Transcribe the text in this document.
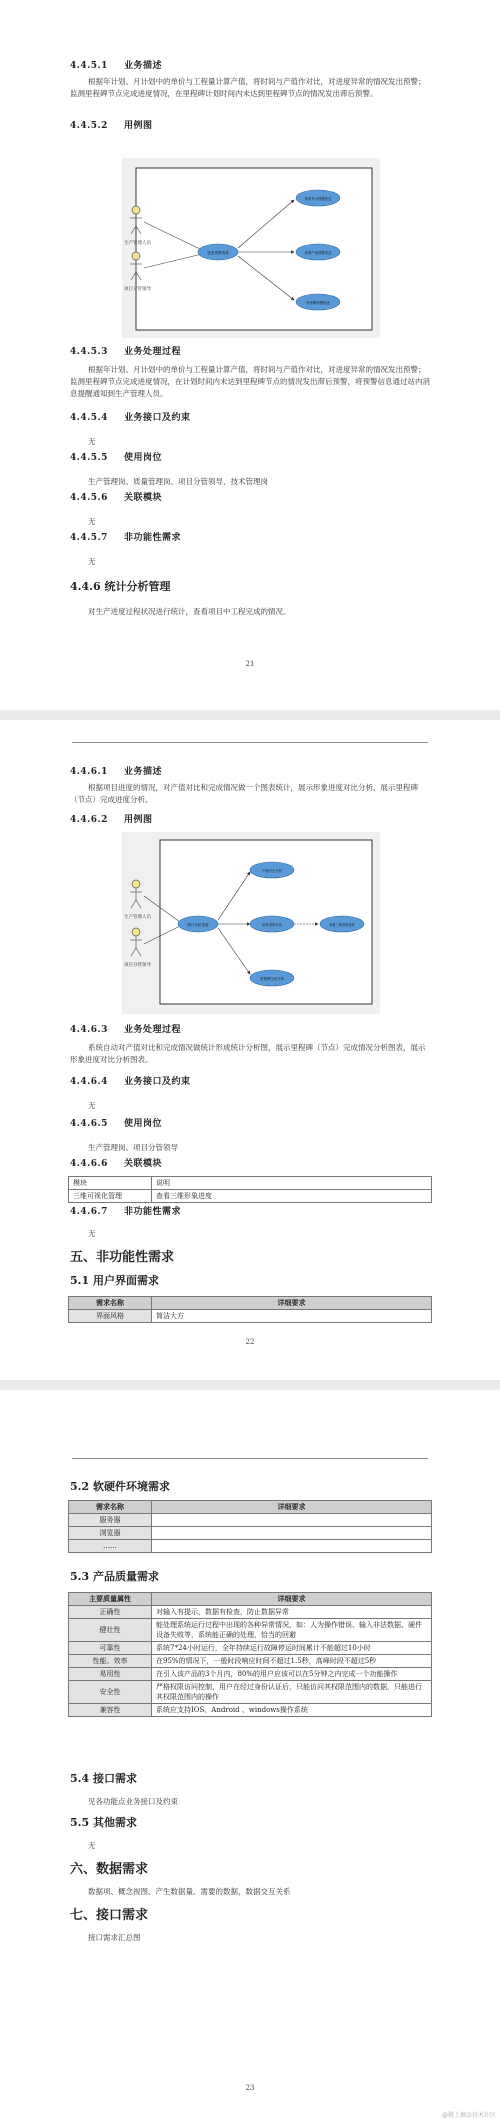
4.4.5.1 业务描述

根据年计划、月计划中的单价与工程量计算产值，将时间与产值作对比，对进度异常的情况发出预警；监测里程碑节点完成进度情况，在里程碑计划时间内未达到里程碑节点的情况发出滞后预警。

4.4.5.2 用例图
生产管理人员
项目分管领导
进度预警查看
查看节点预警信息
查看产值预警信息
里程碑预警推送
4.4.5.3 业务处理过程

根据年计划、月计划中的单价与工程量计算产值，将时间与产值作对比，对进度异常的情况发出预警；监测里程碑节点完成进度情况，在计划时间内未达到里程碑节点的情况发出滞后预警，将预警信息通过站内消息提醒通知到生产管理人员。

4.4.5.4 业务接口及约束

无

4.4.5.5 使用岗位

生产管理岗、质量管理岗、项目分管领导、技术管理岗

4.4.5.6 关联模块

无

4.4.5.7 非功能性需求

无

4.4.6 统计分析管理

对生产进度过程状况进行统计，查看项目中工程完成的情况。

21
4.4.6.1 业务描述

根据项目进度的情况，对产值对比和完成情况做一个图表统计，展示形象进度对比分析，展示里程碑（节点）完成进度分析。

4.4.6.2 用例图
生产管理人员
项目分管领导
统计分析查看
产值对比分析
形象进度对比
里程碑完成分析
查看三维形象进度
4.4.6.3 业务处理过程

系统自动对产值对比和完成情况做统计形成统计分析图，展示里程碑（节点）完成情况分析图表，展示形象进度对比分析图表。

4.4.6.4 业务接口及约束

无

4.4.6.5 使用岗位

生产管理岗、项目分管领导

4.4.6.6 关联模块
模块	说明
三维可视化管理	查看三维形象进度
4.4.6.7 非功能性需求

无

五、非功能性需求
5.1 用户界面需求
需求名称	详细要求
界面风格	简洁大方
22
5.2 软硬件环境需求
需求名称	详细要求
服务器	
浏览器	
……	
5.3 产品质量需求
主要质量属性	详细要求
正确性	对输入有提示，数据有检查，防止数据异常
健壮性	能处理系统运行过程中出现的各种异常情况，如：人为操作错误、输入非法数据、硬件设备失败等，系统能正确的处理，恰当的回避
可靠性	系统7*24小时运行，全年持续运行故障停运时间累计不能超过10小时
性能、效率	在95%的情况下，一般时段响应时间不超过1.5秒，高峰时段不超过5秒
易用性	在引入该产品的3个月内，80%的用户应该可以在5分钟之内完成一个功能操作
安全性	严格权限访问控制，用户在经过身份认证后，只能访问其权限范围内的数据，只能进行其权限范围内的操作
兼容性	系统应支持IOS、Android 、windows操作系统
5.4 接口需求

见各功能点业务接口及约束

5.5 其他需求

无

六、数据需求

数据项、概念视图、产生数据量、需要的数据，数据交互关系

七、接口需求

接口需求汇总图

23
@稀土掘金技术社区
